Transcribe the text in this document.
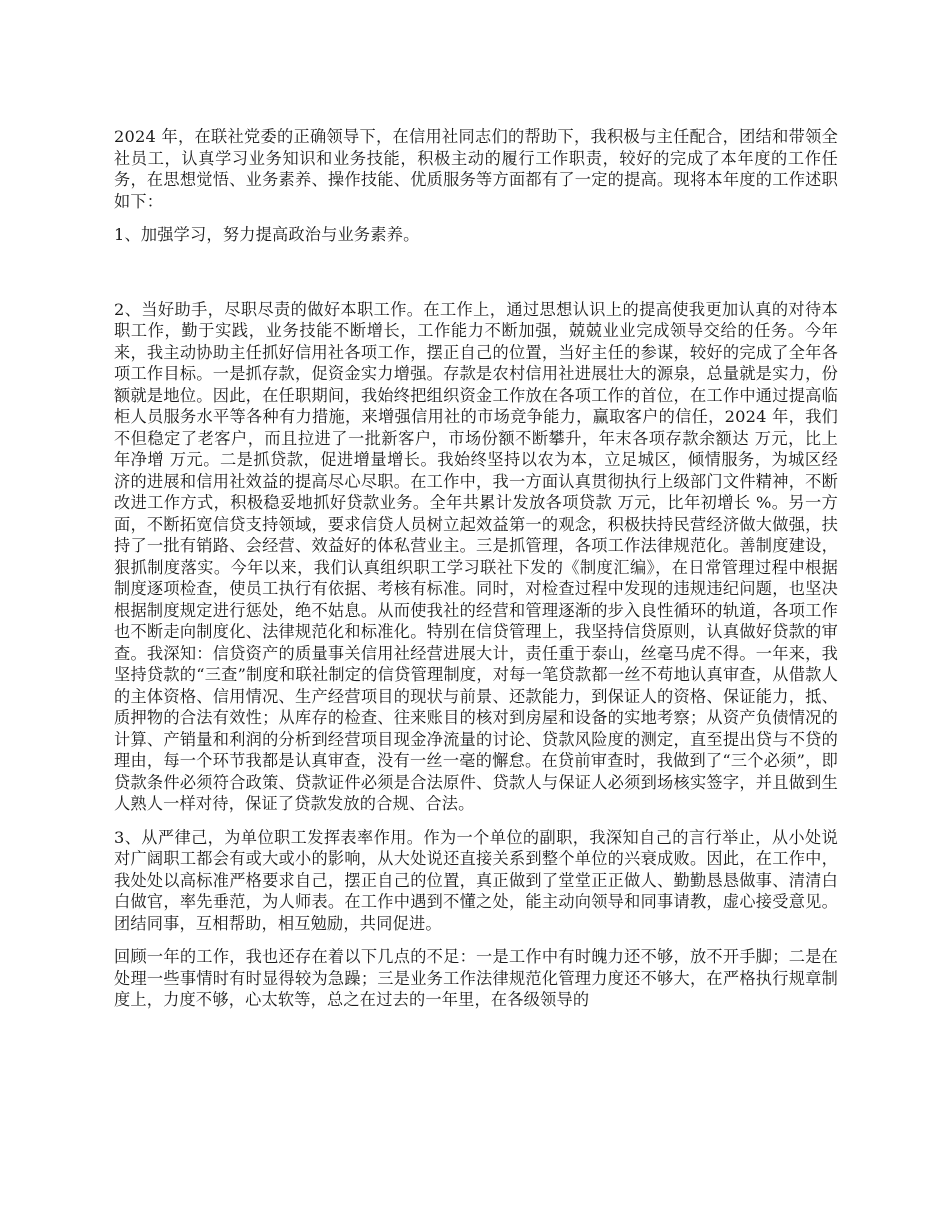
2024 年，在联社党委的正确领导下，在信用社同志们的帮助下，我积极与主任配合，团结和带领全社员工，认真学习业务知识和业务技能，积极主动的履行工作职责，较好的完成了本年度的工作任务，在思想觉悟、业务素养、操作技能、优质服务等方面都有了一定的提高。现将本年度的工作述职如下：

1、加强学习，努力提高政治与业务素养。

2、当好助手，尽职尽责的做好本职工作。在工作上，通过思想认识上的提高使我更加认真的对待本职工作，勤于实践，业务技能不断增长，工作能力不断加强，兢兢业业完成领导交给的任务。今年来，我主动协助主任抓好信用社各项工作，摆正自己的位置，当好主任的参谋，较好的完成了全年各项工作目标。一是抓存款，促资金实力增强。存款是农村信用社进展壮大的源泉，总量就是实力，份额就是地位。因此，在任职期间，我始终把组织资金工作放在各项工作的首位，在工作中通过提高临柜人员服务水平等各种有力措施，来增强信用社的市场竞争能力，赢取客户的信任，2024 年，我们不但稳定了老客户，而且拉进了一批新客户，市场份额不断攀升，年末各项存款余额达 万元，比上年净增 万元。二是抓贷款，促进增量增长。我始终坚持以农为本，立足城区，倾情服务，为城区经济的进展和信用社效益的提高尽心尽职。在工作中，我一方面认真贯彻执行上级部门文件精神，不断改进工作方式，积极稳妥地抓好贷款业务。全年共累计发放各项贷款 万元，比年初增长 %。另一方面，不断拓宽信贷支持领域，要求信贷人员树立起效益第一的观念，积极扶持民营经济做大做强，扶持了一批有销路、会经营、效益好的体私营业主。三是抓管理，各项工作法律规范化。善制度建设，狠抓制度落实。今年以来，我们认真组织职工学习联社下发的《制度汇编》，在日常管理过程中根据制度逐项检查，使员工执行有依据、考核有标准。同时，对检查过程中发现的违规违纪问题，也坚决根据制度规定进行惩处，绝不姑息。从而使我社的经营和管理逐渐的步入良性循环的轨道，各项工作也不断走向制度化、法律规范化和标准化。特别在信贷管理上，我坚持信贷原则，认真做好贷款的审查。我深知：信贷资产的质量事关信用社经营进展大计，责任重于泰山，丝毫马虎不得。一年来，我坚持贷款的“三查”制度和联社制定的信贷管理制度，对每一笔贷款都一丝不苟地认真审查，从借款人的主体资格、信用情况、生产经营项目的现状与前景、还款能力，到保证人的资格、保证能力，抵、质押物的合法有效性；从库存的检查、往来账目的核对到房屋和设备的实地考察；从资产负债情况的计算、产销量和利润的分析到经营项目现金净流量的讨论、贷款风险度的测定，直至提出贷与不贷的理由，每一个环节我都是认真审查，没有一丝一毫的懈怠。在贷前审查时，我做到了“三个必须”，即贷款条件必须符合政策、贷款证件必须是合法原件、贷款人与保证人必须到场核实签字，并且做到生人熟人一样对待，保证了贷款发放的合规、合法。

3、从严律己，为单位职工发挥表率作用。作为一个单位的副职，我深知自己的言行举止，从小处说对广阔职工都会有或大或小的影响，从大处说还直接关系到整个单位的兴衰成败。因此，在工作中，我处处以高标准严格要求自己，摆正自己的位置，真正做到了堂堂正正做人、勤勤恳恳做事、清清白白做官，率先垂范，为人师表。在工作中遇到不懂之处，能主动向领导和同事请教，虚心接受意见。团结同事，互相帮助，相互勉励，共同促进。

回顾一年的工作，我也还存在着以下几点的不足：一是工作中有时魄力还不够，放不开手脚；二是在处理一些事情时有时显得较为急躁；三是业务工作法律规范化管理力度还不够大，在严格执行规章制度上，力度不够，心太软等，总之在过去的一年里，在各级领导的
